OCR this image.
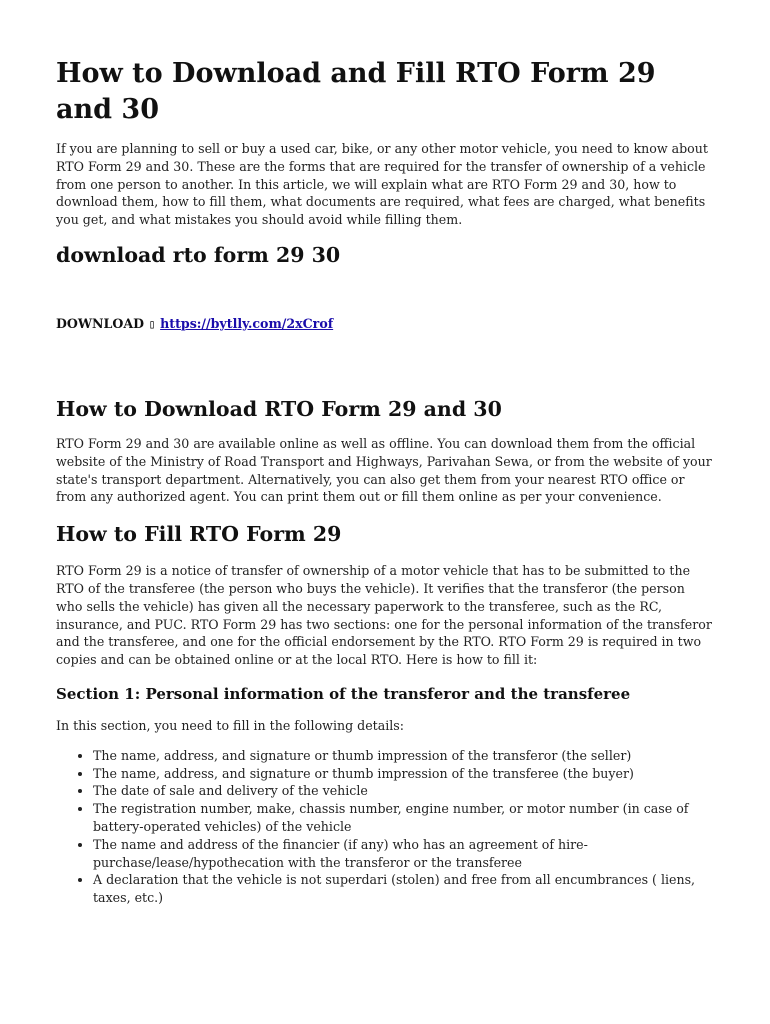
How to Download and Fill RTO Form 29 and 30

If you are planning to sell or buy a used car, bike, or any other motor vehicle, you need to know about RTO Form 29 and 30. These are the forms that are required for the transfer of ownership of a vehicle from one person to another. In this article, we will explain what are RTO Form 29 and 30, how to download them, how to fill them, what documents are required, what fees are charged, what benefits you get, and what mistakes you should avoid while filling them.

download rto form 29 30
DOWNLOAD ▯ https://bytlly.com/2xCrof
How to Download RTO Form 29 and 30

RTO Form 29 and 30 are available online as well as offline. You can download them from the official website of the Ministry of Road Transport and Highways, Parivahan Sewa, or from the website of your state's transport department. Alternatively, you can also get them from your nearest RTO office or from any authorized agent. You can print them out or fill them online as per your convenience.

How to Fill RTO Form 29

RTO Form 29 is a notice of transfer of ownership of a motor vehicle that has to be submitted to the RTO of the transferee (the person who buys the vehicle). It verifies that the transferor (the person who sells the vehicle) has given all the necessary paperwork to the transferee, such as the RC, insurance, and PUC. RTO Form 29 has two sections: one for the personal information of the transferor and the transferee, and one for the official endorsement by the RTO. RTO Form 29 is required in two copies and can be obtained online or at the local RTO. Here is how to fill it:

Section 1: Personal information of the transferor and the transferee

In this section, you need to fill in the following details:

• The name, address, and signature or thumb impression of the transferor (the seller)
• The name, address, and signature or thumb impression of the transferee (the buyer)
• The date of sale and delivery of the vehicle
• The registration number, make, chassis number, engine number, or motor number (in case of battery-operated vehicles) of the vehicle
• The name and address of the financier (if any) who has an agreement of hire-purchase/lease/hypothecation with the transferor or the transferee
• A declaration that the vehicle is not superdari (stolen) and free from all encumbrances ( liens, taxes, etc.)
